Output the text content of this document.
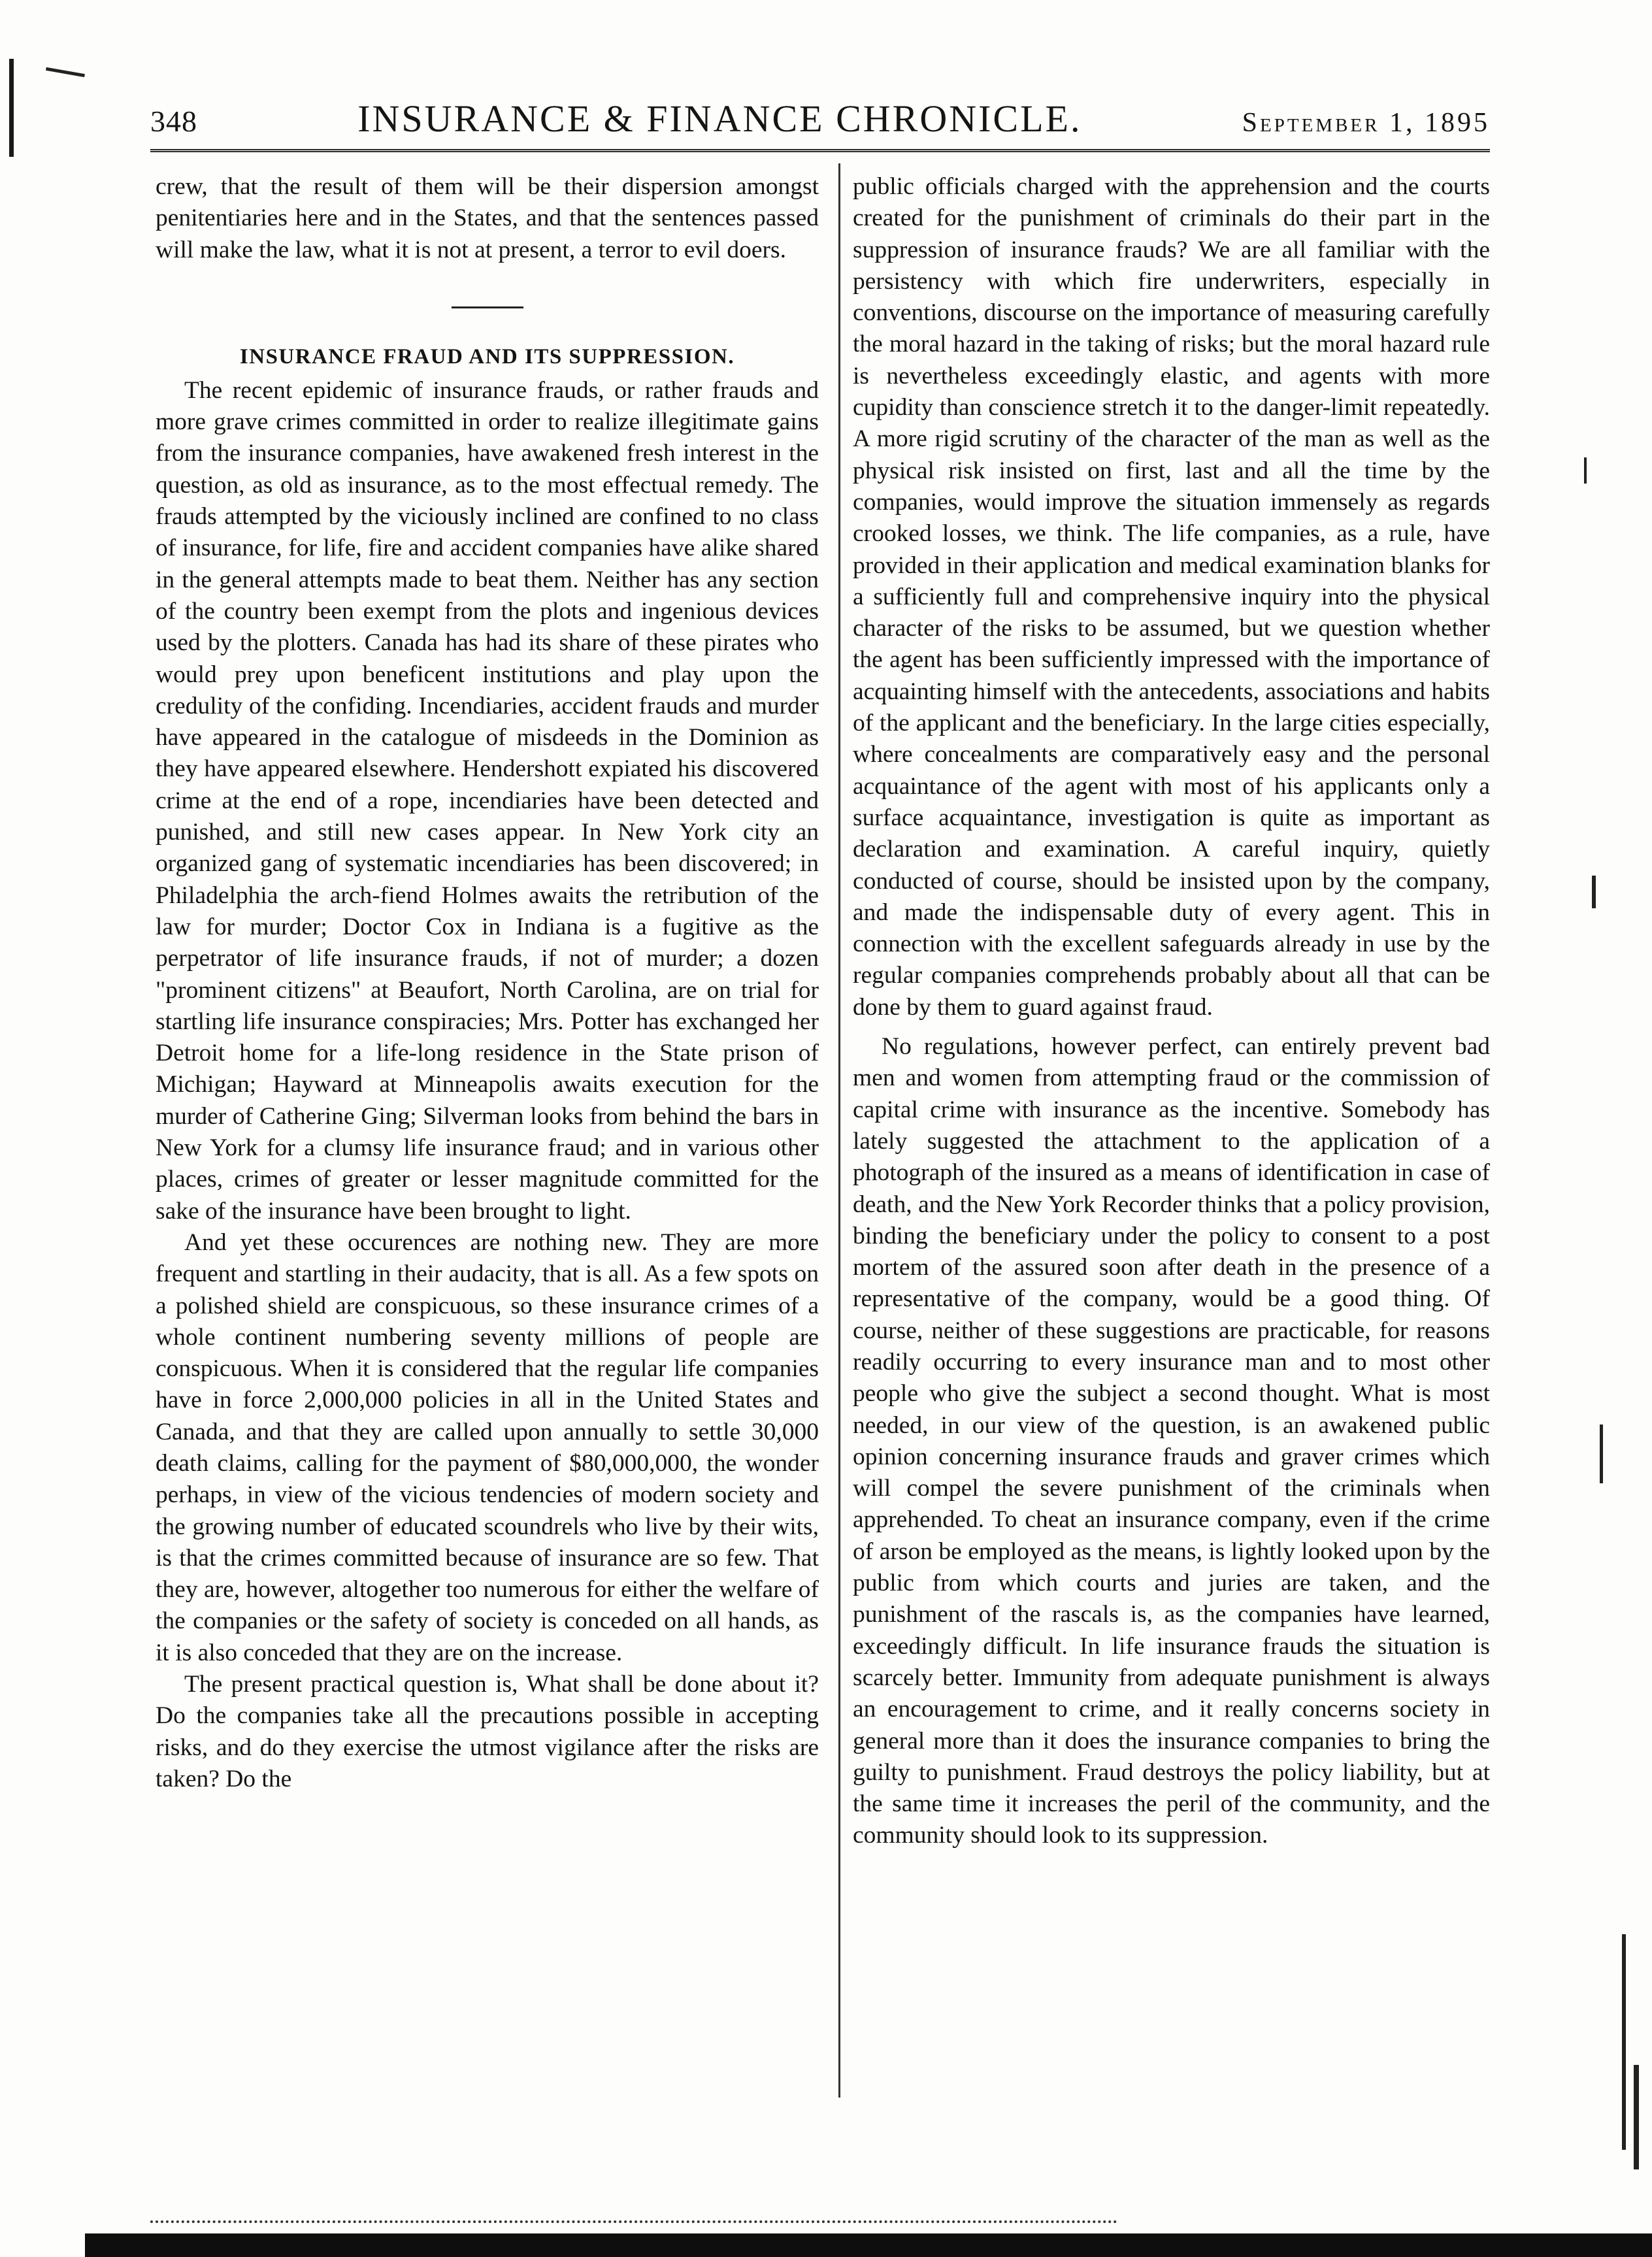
348	INSURANCE & FINANCE CHRONICLE.	September 1, 1895

crew, that the result of them will be their dispersion amongst penitentiaries here and in the States, and that the sentences passed will make the law, what it is not at present, a terror to evil doers.

INSURANCE FRAUD AND ITS SUPPRESSION.

The recent epidemic of insurance frauds, or rather frauds and more grave crimes committed in order to realize illegitimate gains from the insurance companies, have awakened fresh interest in the question, as old as insurance, as to the most effectual remedy. The frauds attempted by the viciously inclined are confined to no class of insurance, for life, fire and accident companies have alike shared in the general attempts made to beat them. Neither has any section of the country been exempt from the plots and ingenious devices used by the plotters. Canada has had its share of these pirates who would prey upon beneficent institutions and play upon the credulity of the confiding. Incendiaries, accident frauds and murder have appeared in the catalogue of misdeeds in the Dominion as they have appeared elsewhere. Hendershott expiated his discovered crime at the end of a rope, incendiaries have been detected and punished, and still new cases appear. In New York city an organized gang of systematic incendiaries has been discovered; in Philadelphia the arch-fiend Holmes awaits the retribution of the law for murder; Doctor Cox in Indiana is a fugitive as the perpetrator of life insurance frauds, if not of murder; a dozen "prominent citizens" at Beaufort, North Carolina, are on trial for startling life insurance conspiracies; Mrs. Potter has exchanged her Detroit home for a life-long residence in the State prison of Michigan; Hayward at Minneapolis awaits execution for the murder of Catherine Ging; Silverman looks from behind the bars in New York for a clumsy life insurance fraud; and in various other places, crimes of greater or lesser magnitude committed for the sake of the insurance have been brought to light.

And yet these occurences are nothing new. They are more frequent and startling in their audacity, that is all. As a few spots on a polished shield are conspicuous, so these insurance crimes of a whole continent numbering seventy millions of people are conspicuous. When it is considered that the regular life companies have in force 2,000,000 policies in all in the United States and Canada, and that they are called upon annually to settle 30,000 death claims, calling for the payment of $80,000,000, the wonder perhaps, in view of the vicious tendencies of modern society and the growing number of educated scoundrels who live by their wits, is that the crimes committed because of insurance are so few. That they are, however, altogether too numerous for either the welfare of the companies or the safety of society is conceded on all hands, as it is also conceded that they are on the increase.

The present practical question is, What shall be done about it? Do the companies take all the precautions possible in accepting risks, and do they exercise the utmost vigilance after the risks are taken? Do the

public officials charged with the apprehension and the courts created for the punishment of criminals do their part in the suppression of insurance frauds? We are all familiar with the persistency with which fire underwriters, especially in conventions, discourse on the importance of measuring carefully the moral hazard in the taking of risks; but the moral hazard rule is nevertheless exceedingly elastic, and agents with more cupidity than conscience stretch it to the danger-limit repeatedly. A more rigid scrutiny of the character of the man as well as the physical risk insisted on first, last and all the time by the companies, would improve the situation immensely as regards crooked losses, we think. The life companies, as a rule, have provided in their application and medical examination blanks for a sufficiently full and comprehensive inquiry into the physical character of the risks to be assumed, but we question whether the agent has been sufficiently impressed with the importance of acquainting himself with the antecedents, associations and habits of the applicant and the beneficiary. In the large cities especially, where concealments are comparatively easy and the personal acquaintance of the agent with most of his applicants only a surface acquaintance, investigation is quite as important as declaration and examination. A careful inquiry, quietly conducted of course, should be insisted upon by the company, and made the indispensable duty of every agent. This in connection with the excellent safeguards already in use by the regular companies comprehends probably about all that can be done by them to guard against fraud.

No regulations, however perfect, can entirely prevent bad men and women from attempting fraud or the commission of capital crime with insurance as the incentive. Somebody has lately suggested the attachment to the application of a photograph of the insured as a means of identification in case of death, and the New York Recorder thinks that a policy provision, binding the beneficiary under the policy to consent to a post mortem of the assured soon after death in the presence of a representative of the company, would be a good thing. Of course, neither of these suggestions are practicable, for reasons readily occurring to every insurance man and to most other people who give the subject a second thought. What is most needed, in our view of the question, is an awakened public opinion concerning insurance frauds and graver crimes which will compel the severe punishment of the criminals when apprehended. To cheat an insurance company, even if the crime of arson be employed as the means, is lightly looked upon by the public from which courts and juries are taken, and the punishment of the rascals is, as the companies have learned, exceedingly difficult. In life insurance frauds the situation is scarcely better. Immunity from adequate punishment is always an encouragement to crime, and it really concerns society in general more than it does the insurance companies to bring the guilty to punishment. Fraud destroys the policy liability, but at the same time it increases the peril of the community, and the community should look to its suppression.
